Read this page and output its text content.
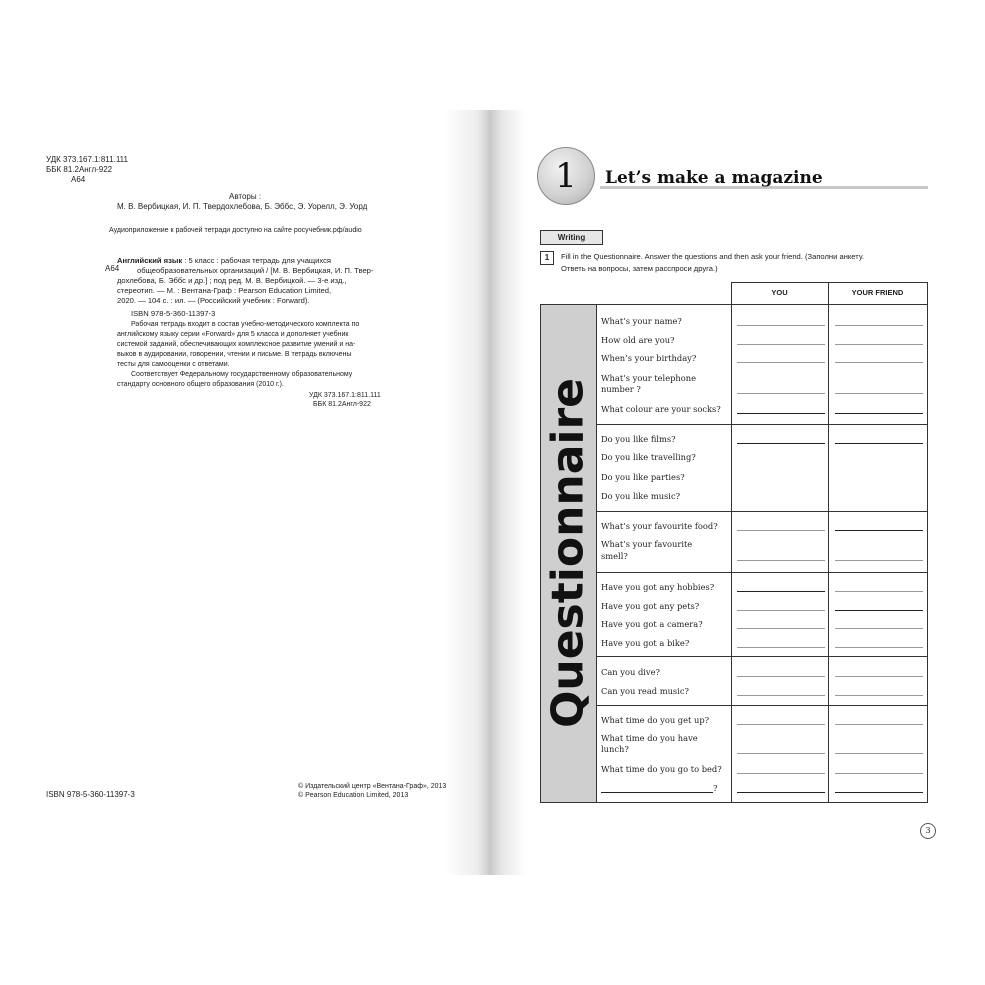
УДК 373.167.1:811.111
ББК 81.2Англ-922
А64
Авторы :
М. В. Вербицкая, И. П. Твердохлебова, Б. Эббс, Э. Уорелл, Э. Уорд
Аудиоприложение к рабочей тетради доступно на сайте росучебник.рф/audio
А64
Английский язык : 5 класс : рабочая тетрадь для учащихся
общеобразовательных организаций / [М. В. Вербицкая, И. П. Твер-
дохлебова, Б. Эббс и др.] ; под ред. М. В. Вербицкой. — 3-е изд.,
стереотип. — М. : Вентана-Граф : Pearson Education Limited,
2020. — 104 с. : ил. — (Российский учебник : Forward).
ISBN 978-5-360-11397-3
Рабочая тетрадь входит в состав учебно-методического комплекта по
английскому языку серии «Forward» для 5 класса и дополняет учебник
системой заданий, обеспечивающих комплексное развитие умений и на-
выков в аудировании, говорении, чтении и письме. В тетрадь включены
тесты для самооценки с ответами.
Соответствует Федеральному государственному образовательному
стандарту основного общего образования (2010 г.).
УДК 373.167.1:811.111
ББК 81.2Англ-922
ISBN 978-5-360-11397-3
© Издательский центр «Вентана-Граф», 2013
© Pearson Education Limited, 2013
1 Let’s make a magazine
Writing
1	Fill in the Questionnaire. Answer the questions and then ask your friend. (Заполни анкету.
Ответь на вопросы, затем расспроси друга.)
Questionnaire
YOU	YOUR FRIEND
What’s your name?
How old are you?
When’s your birthday?
What’s your telephone
number ?
What colour are your socks?
Do you like films?
Do you like travelling?
Do you like parties?
Do you like music?
What’s your favourite food?
What’s your favourite
smell?
Have you got any hobbies?
Have you got any pets?
Have you got a camera?
Have you got a bike?
Can you dive?
Can you read music?
What time do you get up?
What time do you have
lunch?
What time do you go to bed?
?
3
